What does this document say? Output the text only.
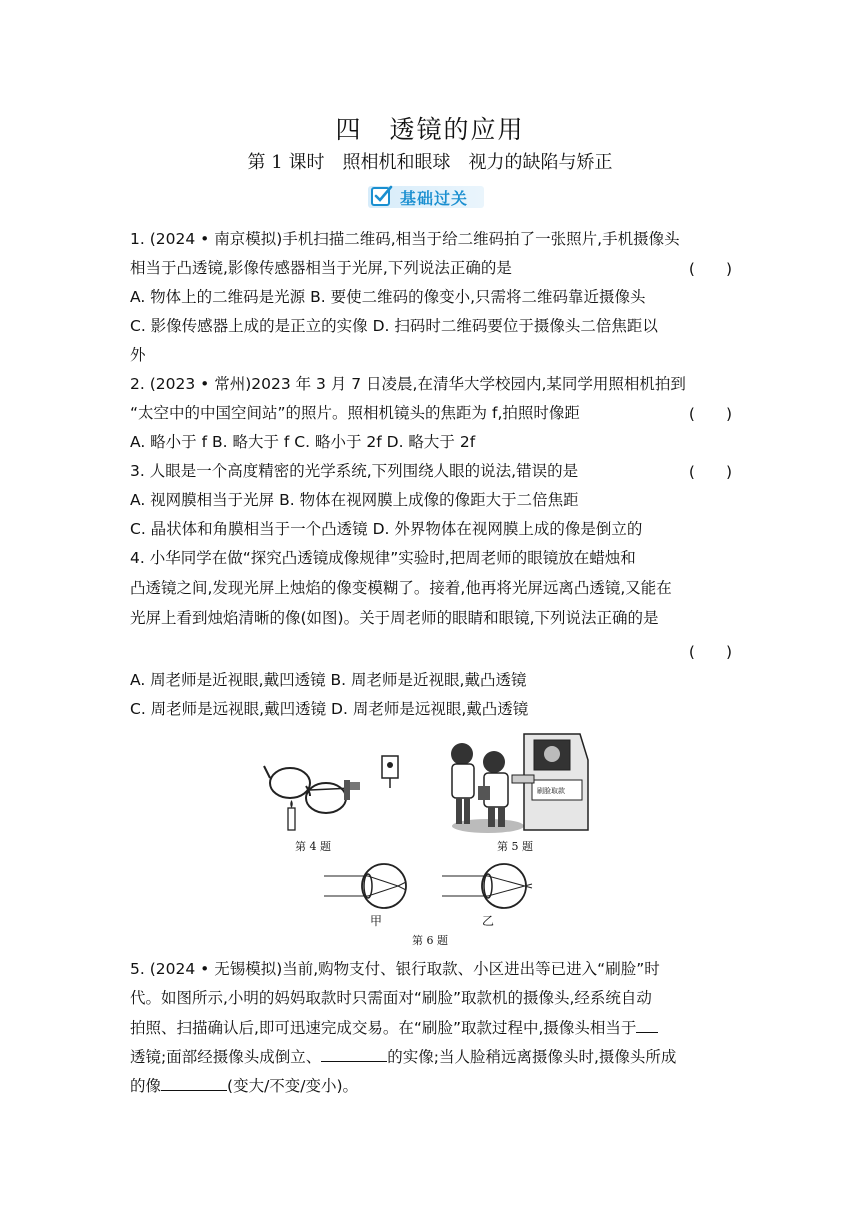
四　透镜的应用
第 1 课时　照相机和眼球　视力的缺陷与矫正
基础过关
1. (2024 • 南京模拟)手机扫描二维码,相当于给二维码拍了一张照片,手机摄像头
相当于凸透镜,影像传感器相当于光屏,下列说法正确的是	(　　)
A. 物体上的二维码是光源 B. 要使二维码的像变小,只需将二维码靠近摄像头
C. 影像传感器上成的是正立的实像 D. 扫码时二维码要位于摄像头二倍焦距以
外
2. (2023 • 常州)2023 年 3 月 7 日凌晨,在清华大学校园内,某同学用照相机拍到
“太空中的中国空间站”的照片。照相机镜头的焦距为 f,拍照时像距	(　　)
A. 略小于 f B. 略大于 f C. 略小于 2f D. 略大于 2f
3. 人眼是一个高度精密的光学系统,下列围绕人眼的说法,错误的是	(　　)
A. 视网膜相当于光屏 B. 物体在视网膜上成像的像距大于二倍焦距
C. 晶状体和角膜相当于一个凸透镜 D. 外界物体在视网膜上成的像是倒立的
4. 小华同学在做“探究凸透镜成像规律”实验时,把周老师的眼镜放在蜡烛和
凸透镜之间,发现光屏上烛焰的像变模糊了。接着,他再将光屏远离凸透镜,又能在
光屏上看到烛焰清晰的像(如图)。关于周老师的眼睛和眼镜,下列说法正确的是
(　　)
A. 周老师是近视眼,戴凹透镜 B. 周老师是近视眼,戴凸透镜
C. 周老师是远视眼,戴凹透镜 D. 周老师是远视眼,戴凸透镜
第 4 题
刷脸取款
第 5 题
甲	乙
第 6 题
5. (2024 • 无锡模拟)当前,购物支付、银行取款、小区进出等已进入“刷脸”时
代。如图所示,小明的妈妈取款时只需面对“刷脸”取款机的摄像头,经系统自动
拍照、扫描确认后,即可迅速完成交易。在“刷脸”取款过程中,摄像头相当于
透镜;面部经摄像头成倒立、	的实像;当人脸稍远离摄像头时,摄像头所成
的像	(变大/不变/变小)。
